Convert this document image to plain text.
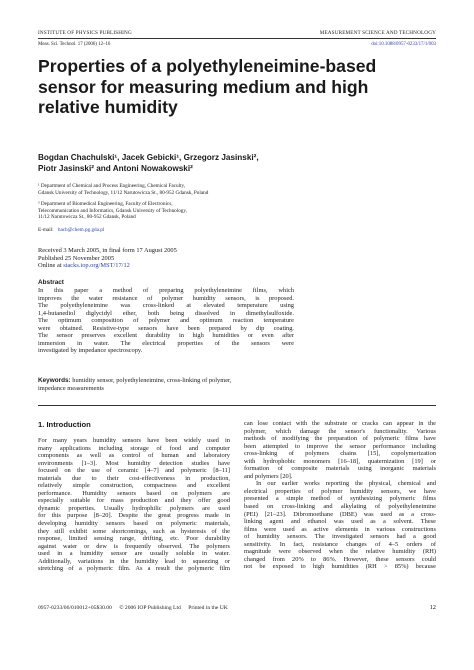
INSTITUTE OF PHYSICS PUBLISHING	MEASUREMENT SCIENCE AND TECHNOLOGY
Meas. Sci. Technol. 17 (2006) 12–16	doi:10.1088/0957-0233/17/1/003
Properties of a polyethyleneimine-based
sensor for measuring medium and high
relative humidity
Bogdan Chachulski¹, Jacek Gebicki¹, Grzegorz Jasinski²,
Piotr Jasinski² and Antoni Nowakowski²
¹ Department of Chemical and Process Engineering, Chemical Faculty,
Gdansk University of Technology, 11/12 Narutowicza St., 80-952 Gdansk, Poland
² Department of Biomedical Engineering, Faculty of Electronics,
Telecommunication and Informatics, Gdansk University of Technology,
11/12 Narutowicza St., 80-952 Gdansk, Poland
E-mail: bach@chem.pg.gda.pl
Received 3 March 2005, in final form 17 August 2005
Published 25 November 2005
Online at stacks.iop.org/MST/17/12
Abstract
In this paper a method of preparing polyethyleneimine films, which
improves the water resistance of polymer humidity sensors, is proposed.
The polyethyleneimine was cross-linked at elevated temperature using
1,4-butanediol diglycidyl ether, both being dissolved in dimethylsulfoxide.
The optimum composition of polymer and optimum reaction temperature
were obtained. Resistive-type sensors have been prepared by dip coating.
The sensor preserves excellent durability in high humidities or even after
immersion in water. The electrical properties of the sensors were
investigated by impedance spectroscopy.
Keywords: humidity sensor, polyethyleneimine, cross-linking of polymer,
impedance measurements
1. Introduction
For many years humidity sensors have been widely used in
many applications including storage of food and computer
components as well as control of human and laboratory
environments [1–3]. Most humidity detection studies have
focused on the use of ceramic [4–7] and polymeric [8–11]
materials due to their cost-effectiveness in production,
relatively simple construction, compactness and excellent
performance. Humidity sensors based on polymers are
especially suitable for mass production and they offer good
dynamic properties. Usually hydrophilic polymers are used
for this purpose [8–20]. Despite the great progress made in
developing humidity sensors based on polymeric materials,
they still exhibit some shortcomings, such as hysteresis of the
response, limited sensing range, drifting, etc. Poor durability
against water or dew is frequently observed. The polymers
used in a humidity sensor are usually soluble in water.
Additionally, variations in the humidity lead to squeezing or
stretching of a polymeric film. As a result the polymeric film
can lose contact with the substrate or cracks can appear in the
polymer, which damage the sensor's functionality. Various
methods of modifying the preparation of polymeric films have
been attempted to improve the sensor performance including
cross-linking of polymers chains [15], copolymerization
with hydrophobic monomers [16–18], quaternization [19] or
formation of composite materials using inorganic materials
and polymers [20].
In our earlier works reporting the physical, chemical and
electrical properties of polymer humidity sensors, we have
presented a simple method of synthesizing polymeric films
based on cross-linking and alkylating of polyethyleneimine
(PEI) [21–23]. Dibromoethane (DBE) was used as a cross-
linking agent and ethanol was used as a solvent. These
films were used as active elements in various constructions
of humidity sensors. The investigated sensors had a good
sensitivity. In fact, resistance changes of 4–5 orders of
magnitude were observed when the relative humidity (RH)
changed from 20% to 86%. However, these sensors could
not be exposed to high humidities (RH > 85%) because
0957-0233/06/010012+05$30.00 © 2006 IOP Publishing Ltd Printed in the UK	12
